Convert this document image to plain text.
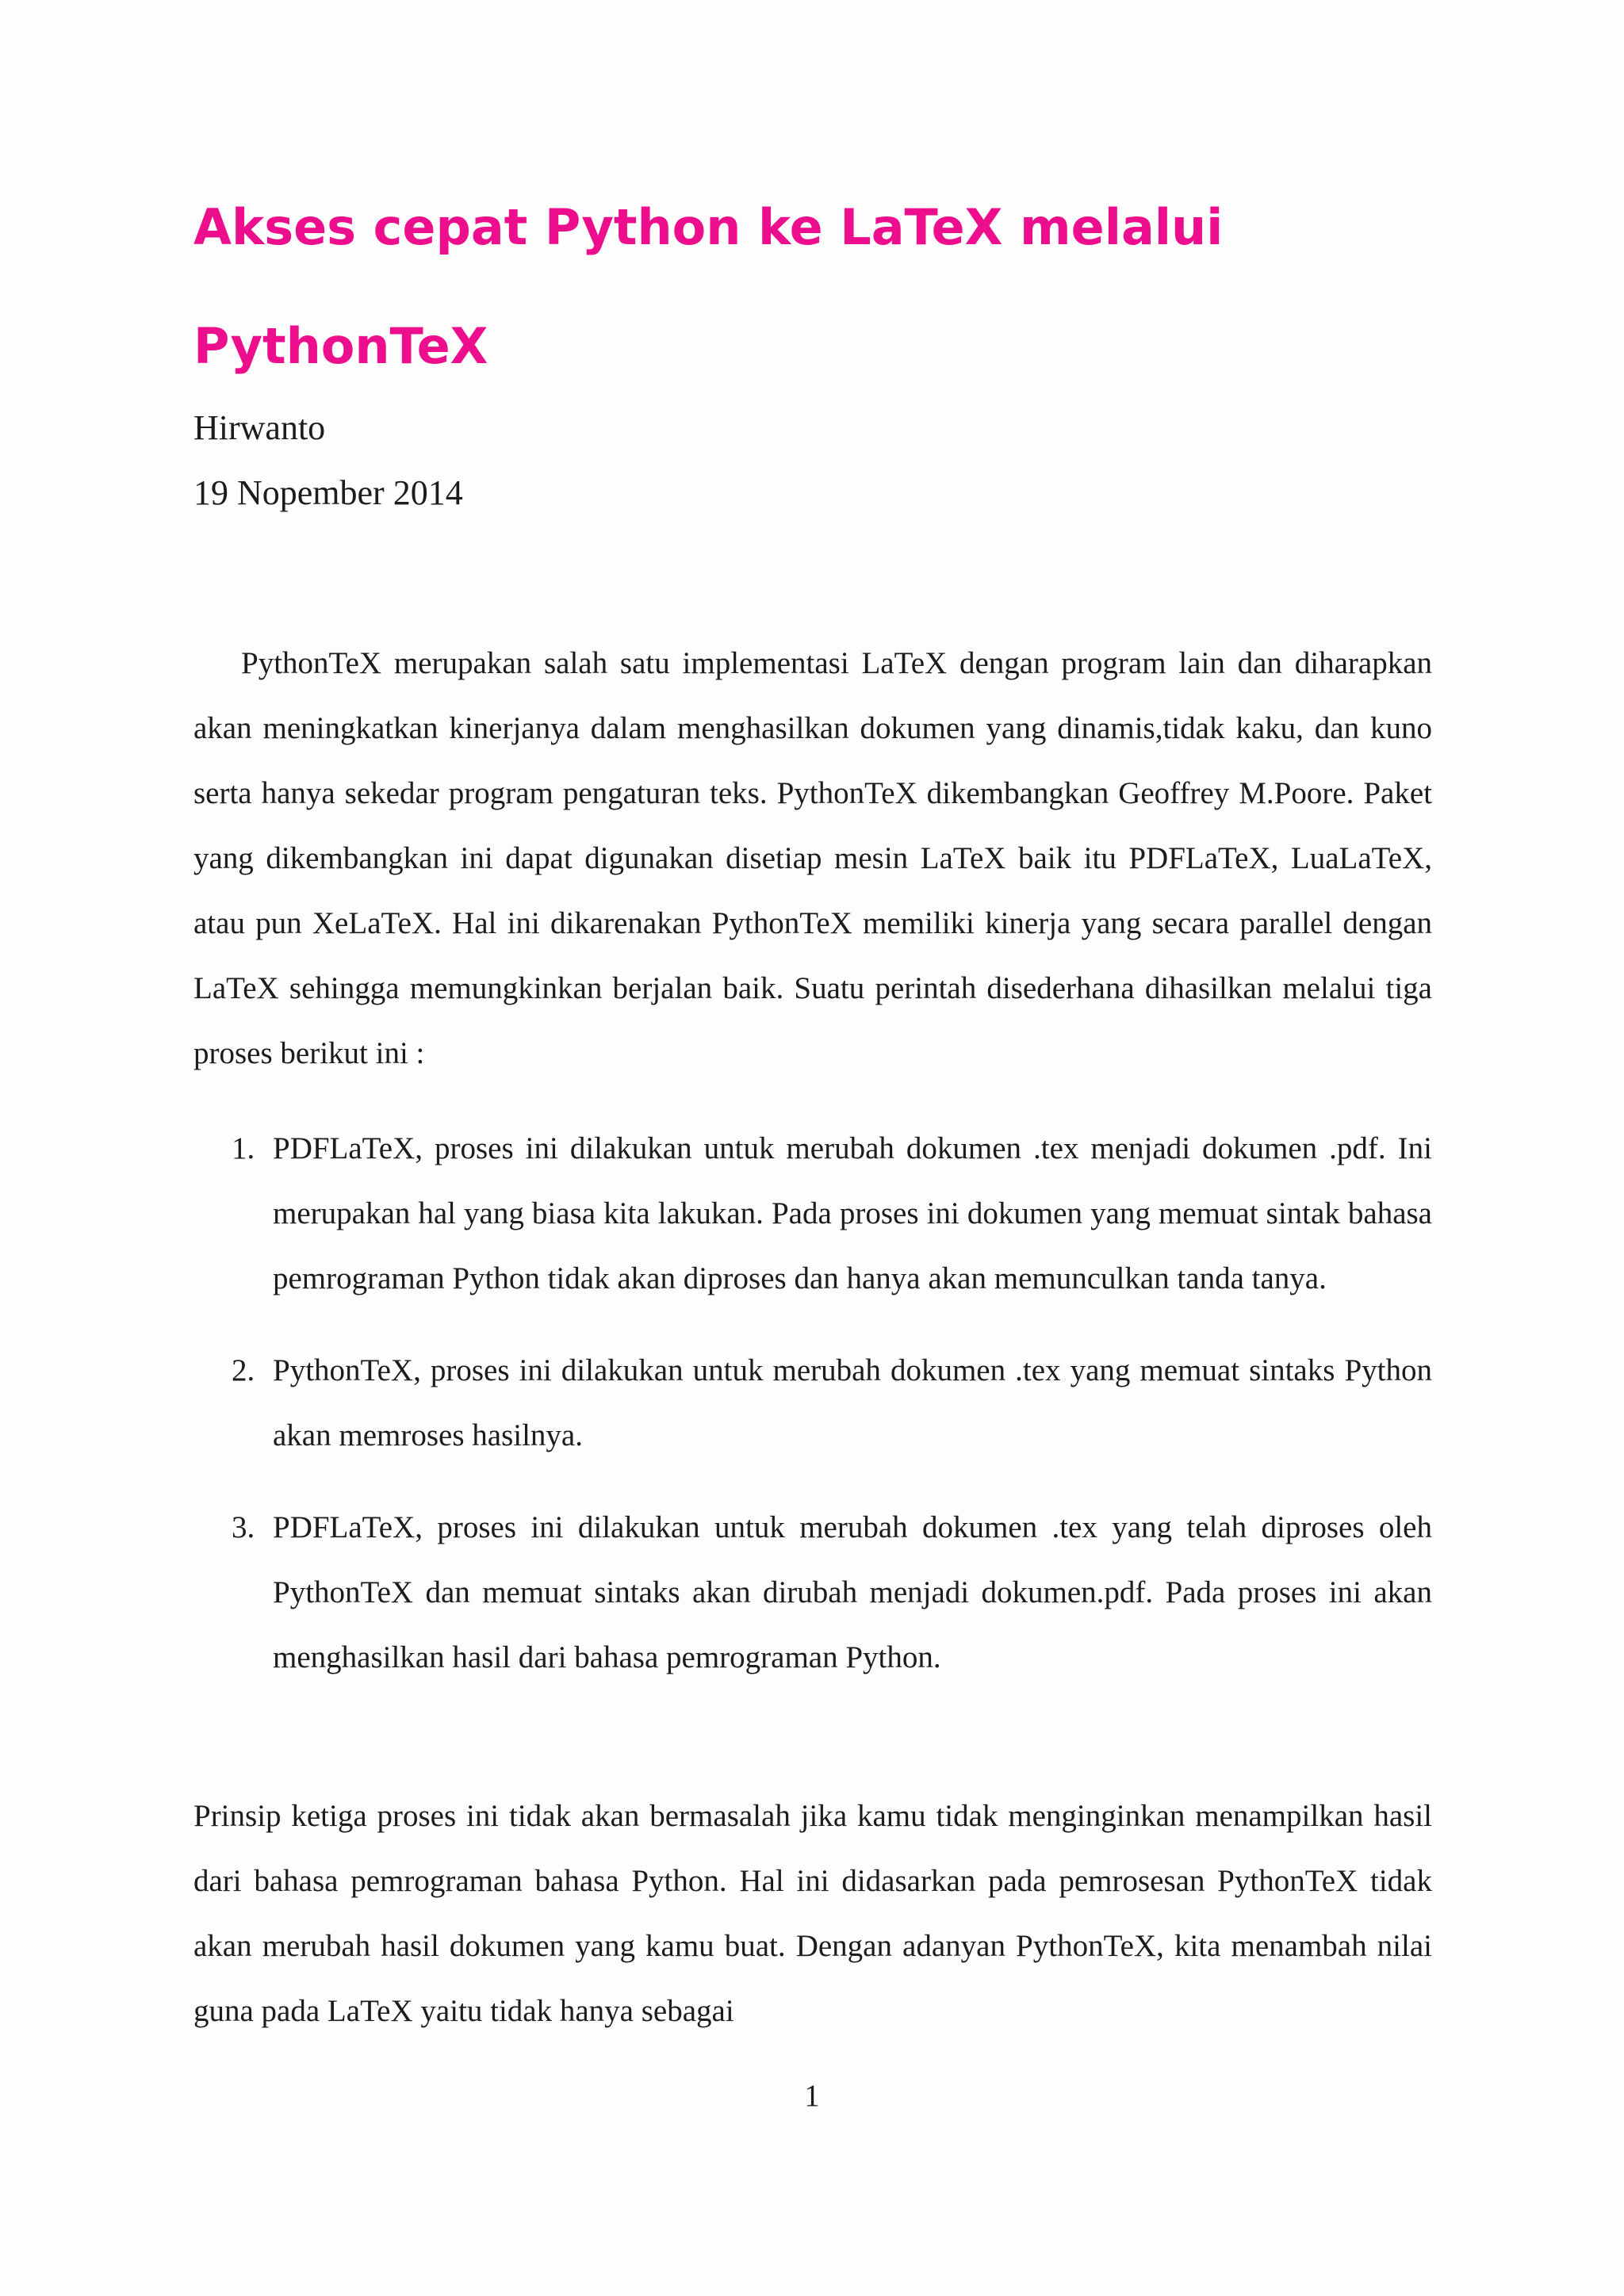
Akses cepat Python ke LaTeX melalui PythonTeX

Hirwanto

19 Nopember 2014

PythonTeX merupakan salah satu implementasi LaTeX dengan program lain dan diharapkan akan meningkatkan kinerjanya dalam menghasilkan dokumen yang dinamis,tidak kaku, dan kuno serta hanya sekedar program pengaturan teks. PythonTeX dikembangkan Geoffrey M.Poore. Paket yang dikembangkan ini dapat digunakan disetiap mesin LaTeX baik itu PDFLaTeX, LuaLaTeX, atau pun XeLaTeX. Hal ini dikarenakan PythonTeX memiliki kinerja yang secara parallel dengan LaTeX sehingga memungkinkan berjalan baik. Suatu perintah disederhana dihasilkan melalui tiga proses berikut ini :

1. PDFLaTeX, proses ini dilakukan untuk merubah dokumen .tex menjadi dokumen .pdf. Ini merupakan hal yang biasa kita lakukan. Pada proses ini dokumen yang memuat sintak bahasa pemrograman Python tidak akan diproses dan hanya akan memunculkan tanda tanya.
2. PythonTeX, proses ini dilakukan untuk merubah dokumen .tex yang memuat sintaks Python akan memroses hasilnya.
3. PDFLaTeX, proses ini dilakukan untuk merubah dokumen .tex yang telah diproses oleh PythonTeX dan memuat sintaks akan dirubah menjadi dokumen.pdf. Pada proses ini akan menghasilkan hasil dari bahasa pemrograman Python.

Prinsip ketiga proses ini tidak akan bermasalah jika kamu tidak menginginkan menampilkan hasil dari bahasa pemrograman bahasa Python. Hal ini didasarkan pada pemrosesan PythonTeX tidak akan merubah hasil dokumen yang kamu buat. Dengan adanyan PythonTeX, kita menambah nilai guna pada LaTeX yaitu tidak hanya sebagai

1
